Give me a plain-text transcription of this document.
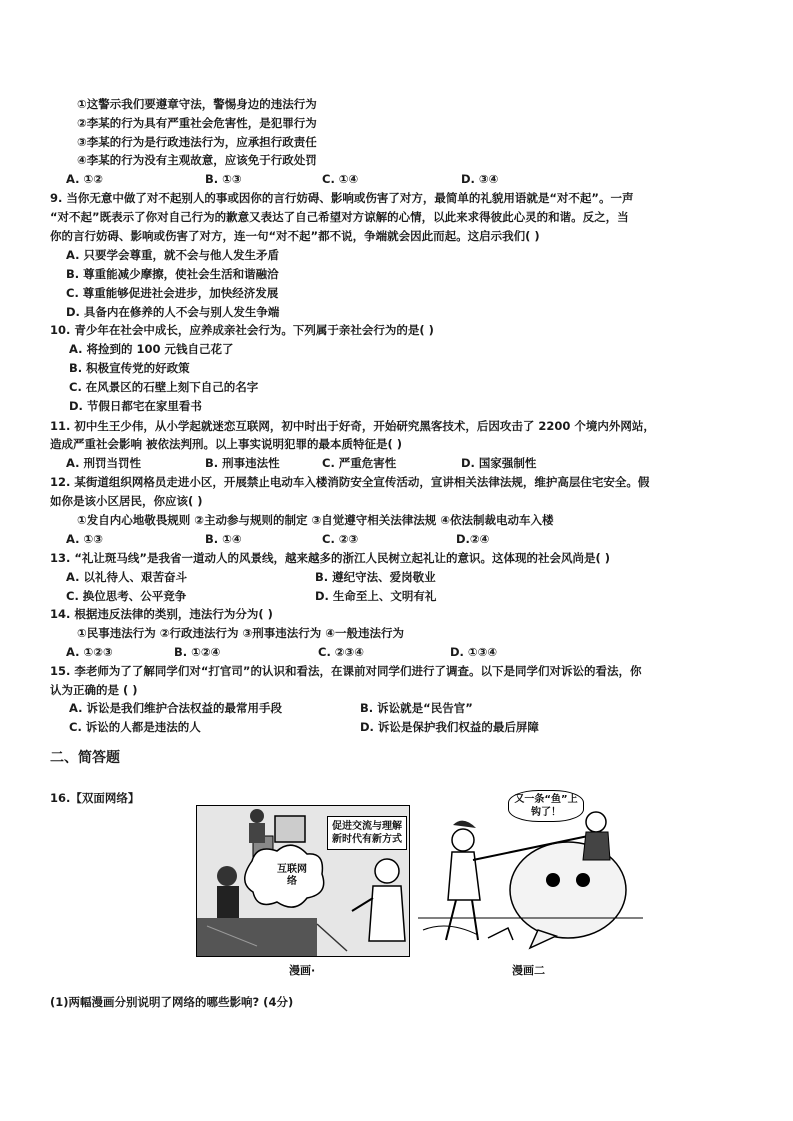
①这警示我们要遵章守法，警惕身边的违法行为
②李某的行为具有严重社会危害性，是犯罪行为
③李某的行为是行政违法行为，应承担行政责任
④李某的行为没有主观故意，应该免于行政处罚
A. ①②	B. ①③	C. ①④	D. ③④
9. 当你无意中做了对不起别人的事或因你的言行妨碍、影响或伤害了对方，最简单的礼貌用语就是“对不起”。一声
“对不起”既表示了你对自己行为的歉意又表达了自己希望对方谅解的心情，以此来求得彼此心灵的和谐。反之，当
你的言行妨碍、影响或伤害了对方，连一句“对不起”都不说，争端就会因此而起。这启示我们( )
A. 只要学会尊重，就不会与他人发生矛盾
B. 尊重能减少摩擦，使社会生活和谐融洽
C. 尊重能够促进社会进步，加快经济发展
D. 具备内在修养的人不会与别人发生争端
10. 青少年在社会中成长，应养成亲社会行为。下列属于亲社会行为的是( )
A. 将捡到的 100 元钱自己花了
B. 积极宣传党的好政策
C. 在风景区的石壁上刻下自己的名字
D. 节假日都宅在家里看书
11. 初中生王少伟，从小学起就迷恋互联网，初中时出于好奇，开始研究黑客技术，后因攻击了 2200 个境内外网站，
造成严重社会影响 被依法判刑。以上事实说明犯罪的最本质特征是( )
A. 刑罚当罚性	B. 刑事违法性	C. 严重危害性	D. 国家强制性
12. 某街道组织网格员走进小区，开展禁止电动车入楼消防安全宣传活动，宣讲相关法律法规，维护高层住宅安全。假
如你是该小区居民，你应该( )
①发自内心地敬畏规则 ②主动参与规则的制定 ③自觉遵守相关法律法规 ④依法制裁电动车入楼
A. ①③	B. ①④	C. ②③	D.②④
13. “礼让斑马线”是我省一道动人的风景线，越来越多的浙江人民树立起礼让的意识。这体现的社会风尚是( )
A. 以礼待人、艰苦奋斗	B. 遵纪守法、爱岗敬业
C. 换位思考、公平竞争	D. 生命至上、文明有礼
14. 根据违反法律的类别，违法行为分为( )
①民事违法行为 ②行政违法行为 ③刑事违法行为 ④一般违法行为
A. ①②③	B. ①②④	C. ②③④	D. ①③④
15. 李老师为了了解同学们对“打官司”的认识和看法，在课前对同学们进行了调查。以下是同学们对诉讼的看法，你
认为正确的是 ( )
A. 诉讼是我们维护合法权益的最常用手段	B. 诉讼就是“民告官”
C. 诉讼的人都是违法的人	D. 诉讼是保护我们权益的最后屏障
二、简答题
16.【双面网络】
促进交流与理解新时代有新方式
互联网络
漫画·
又一条“鱼”上钩了！
漫画二
(1)两幅漫画分别说明了网络的哪些影响? (4分)
